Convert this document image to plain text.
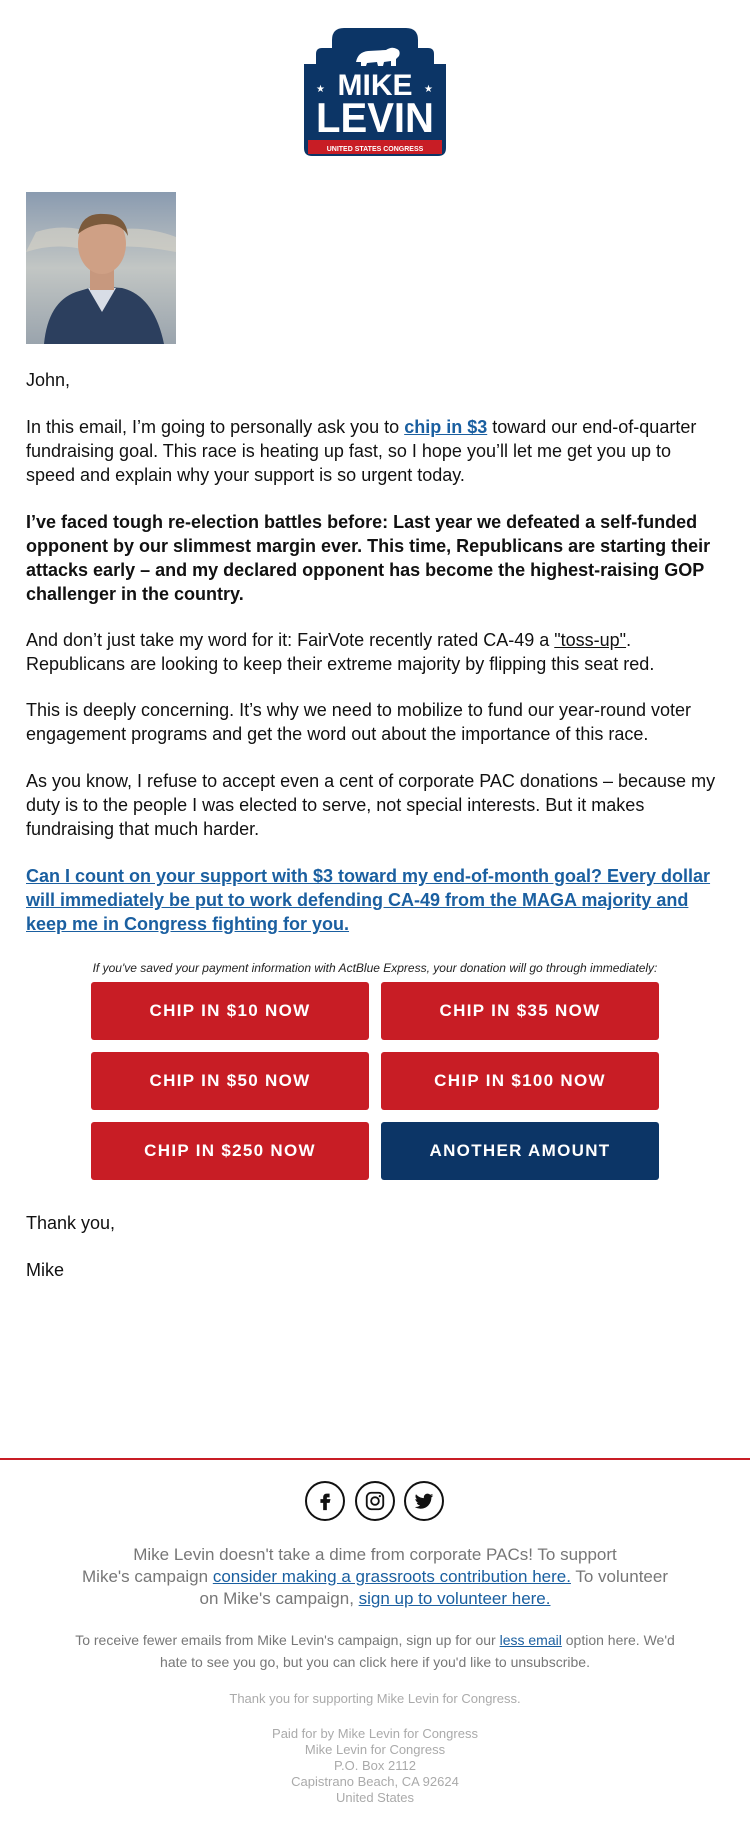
★	★
MIKE
LEVIN
UNITED STATES CONGRESS
John,

In this email, I’m going to personally ask you to chip in $3 toward our end-of-quarter fundraising goal. This race is heating up fast, so I hope you’ll let me get you up to speed and explain why your support is so urgent today.

I’ve faced tough re-election battles before: Last year we defeated a self-funded opponent by our slimmest margin ever. This time, Republicans are starting their attacks early – and my declared opponent has become the highest-raising GOP challenger in the country.

And don’t just take my word for it: FairVote recently rated CA-49 a "toss-up". Republicans are looking to keep their extreme majority by flipping this seat red.

This is deeply concerning. It’s why we need to mobilize to fund our year-round voter engagement programs and get the word out about the importance of this race.
As you know, I refuse to accept even a cent of corporate PAC donations – because my duty is to the people I was elected to serve, not special interests. But it makes fundraising that much harder.
Can I count on your support with $3 toward my end-of-month goal? Every dollar will immediately be put to work defending CA-49 from the MAGA majority and keep me in Congress fighting for you.
If you've saved your payment information with ActBlue Express, your donation will go through immediately:
CHIP IN $10 NOW	CHIP IN $35 NOW
CHIP IN $50 NOW	CHIP IN $100 NOW
CHIP IN $250 NOW	ANOTHER AMOUNT
Thank you,
Mike
Mike Levin doesn't take a dime from corporate PACs! To support
Mike's campaign consider making a grassroots contribution here. To volunteer
on Mike's campaign, sign up to volunteer here.
To receive fewer emails from Mike Levin's campaign, sign up for our less email option here. We'd
hate to see you go, but you can click here if you'd like to unsubscribe.
Thank you for supporting Mike Levin for Congress.
Paid for by Mike Levin for Congress
Mike Levin for Congress
P.O. Box 2112
Capistrano Beach, CA 92624
United States
